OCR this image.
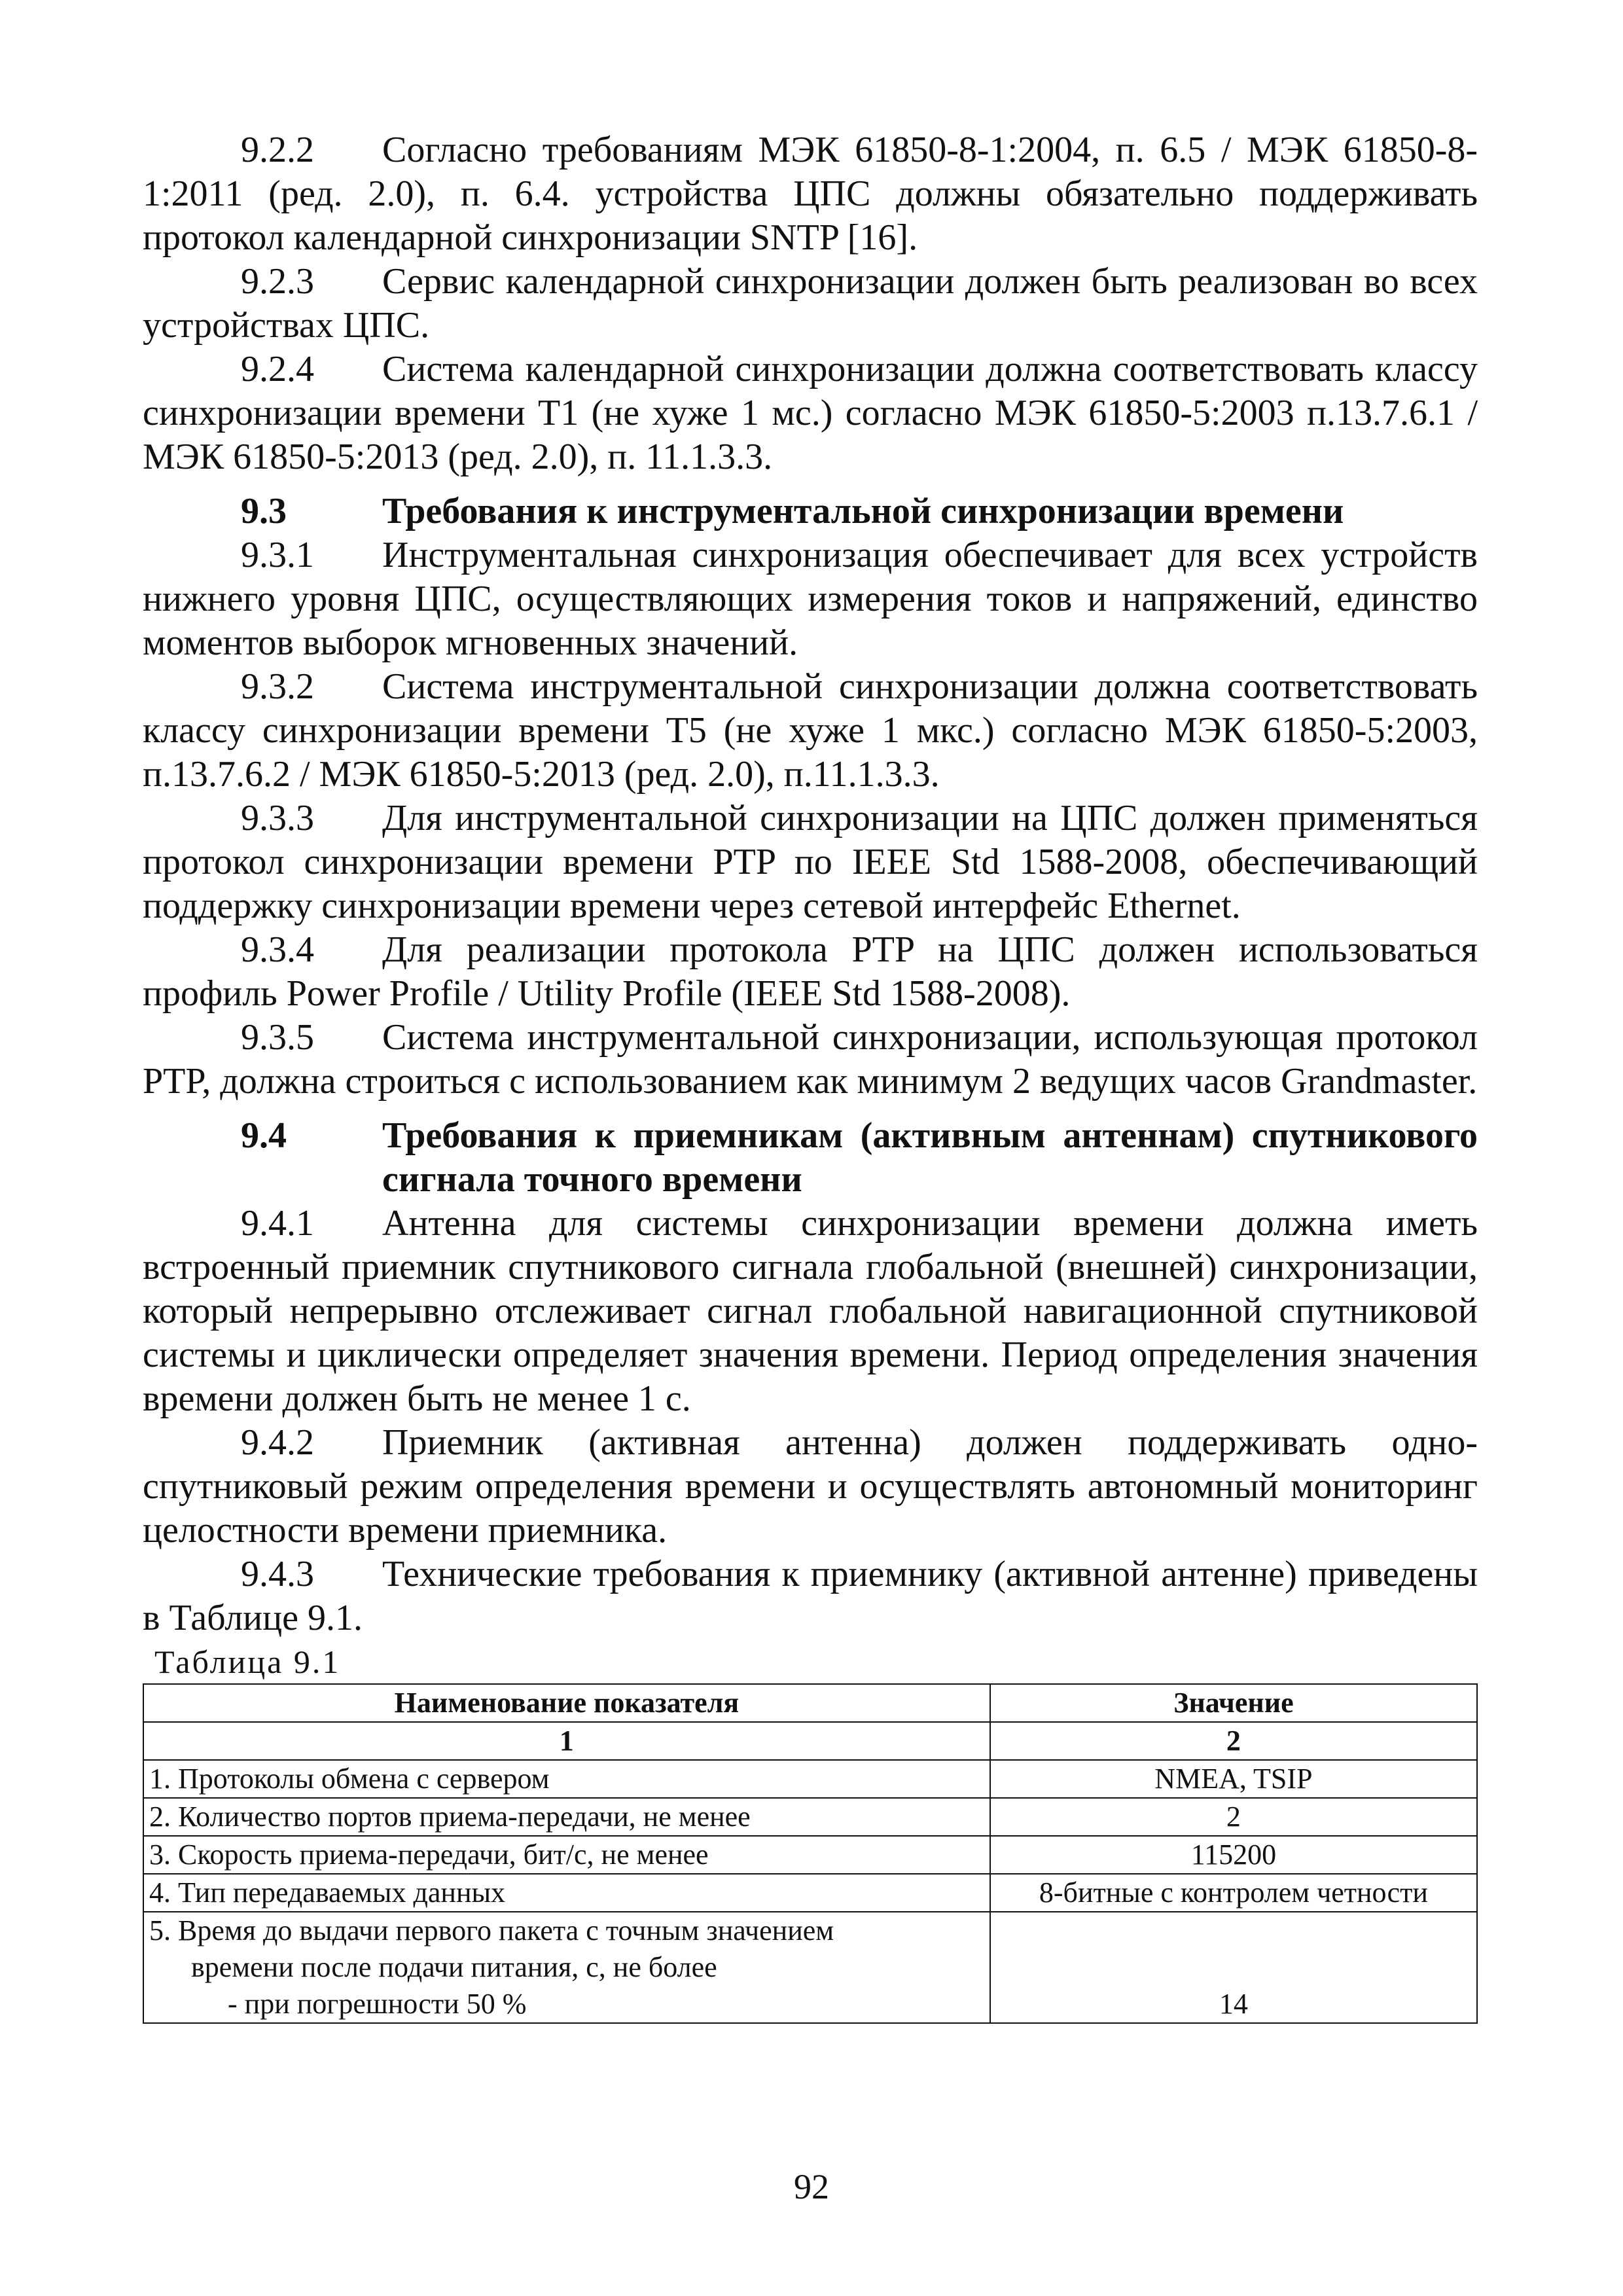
9.2.2 Согласно требованиям МЭК 61850-8-1:2004, п. 6.5 / МЭК 61850-8-1:2011 (ред. 2.0), п. 6.4. устройства ЦПС должны обязательно поддерживать протокол календарной синхронизации SNTP [16].

9.2.3 Сервис календарной синхронизации должен быть реализован во всех устройствах ЦПС.

9.2.4 Система календарной синхронизации должна соответствовать классу синхронизации времени T1 (не хуже 1 мс.) согласно МЭК 61850-5:2003 п.13.7.6.1 / МЭК 61850-5:2013 (ред. 2.0), п. 11.1.3.3.

9.3	Требования к инструментальной синхронизации времени

9.3.1 Инструментальная синхронизация обеспечивает для всех устройств нижнего уровня ЦПС, осуществляющих измерения токов и напряжений, единство моментов выборок мгновенных значений.

9.3.2 Система инструментальной синхронизации должна соответствовать классу синхронизации времени T5 (не хуже 1 мкс.) согласно МЭК 61850-5:2003, п.13.7.6.2 / МЭК 61850-5:2013 (ред. 2.0), п.11.1.3.3.

9.3.3 Для инструментальной синхронизации на ЦПС должен применяться протокол синхронизации времени PTP по IEEE Std 1588-2008, обеспечивающий поддержку синхронизации времени через сетевой интерфейс Ethernet.

9.3.4 Для реализации протокола PTP на ЦПС должен использоваться профиль Power Profile / Utility Profile (IEEE Std 1588-2008).

9.3.5 Система инструментальной синхронизации, использующая протокол PTP, должна строиться с использованием как минимум 2 ведущих часов Grandmaster.

9.4	Требования к приемникам (активным антеннам) спутникового сигнала точного времени

9.4.1 Антенна для системы синхронизации времени должна иметь встроенный приемник спутникового сигнала глобальной (внешней) синхронизации, который непрерывно отслеживает сигнал глобальной навигационной спутниковой системы и циклически определяет значения времени. Период определения значения времени должен быть не менее 1 с.

9.4.2 Приемник (активная антенна) должен поддерживать одно-спутниковый режим определения времени и осуществлять автономный мониторинг целостности времени приемника.

9.4.3 Технические требования к приемнику (активной антенне) приведены в Таблице 9.1.

Таблица 9.1
Наименование показателя	Значение
1	2
1. Протоколы обмена с сервером	NMEA, TSIP
2. Количество портов приема-передачи, не менее	2
3. Скорость приема-передачи, бит/с, не менее	115200
4. Тип передаваемых данных	8-битные с контролем четности

5. Время до выдачи первого пакета с точным значением
времени после подачи питания, с, не более
- при погрешности 50 %	14
92
